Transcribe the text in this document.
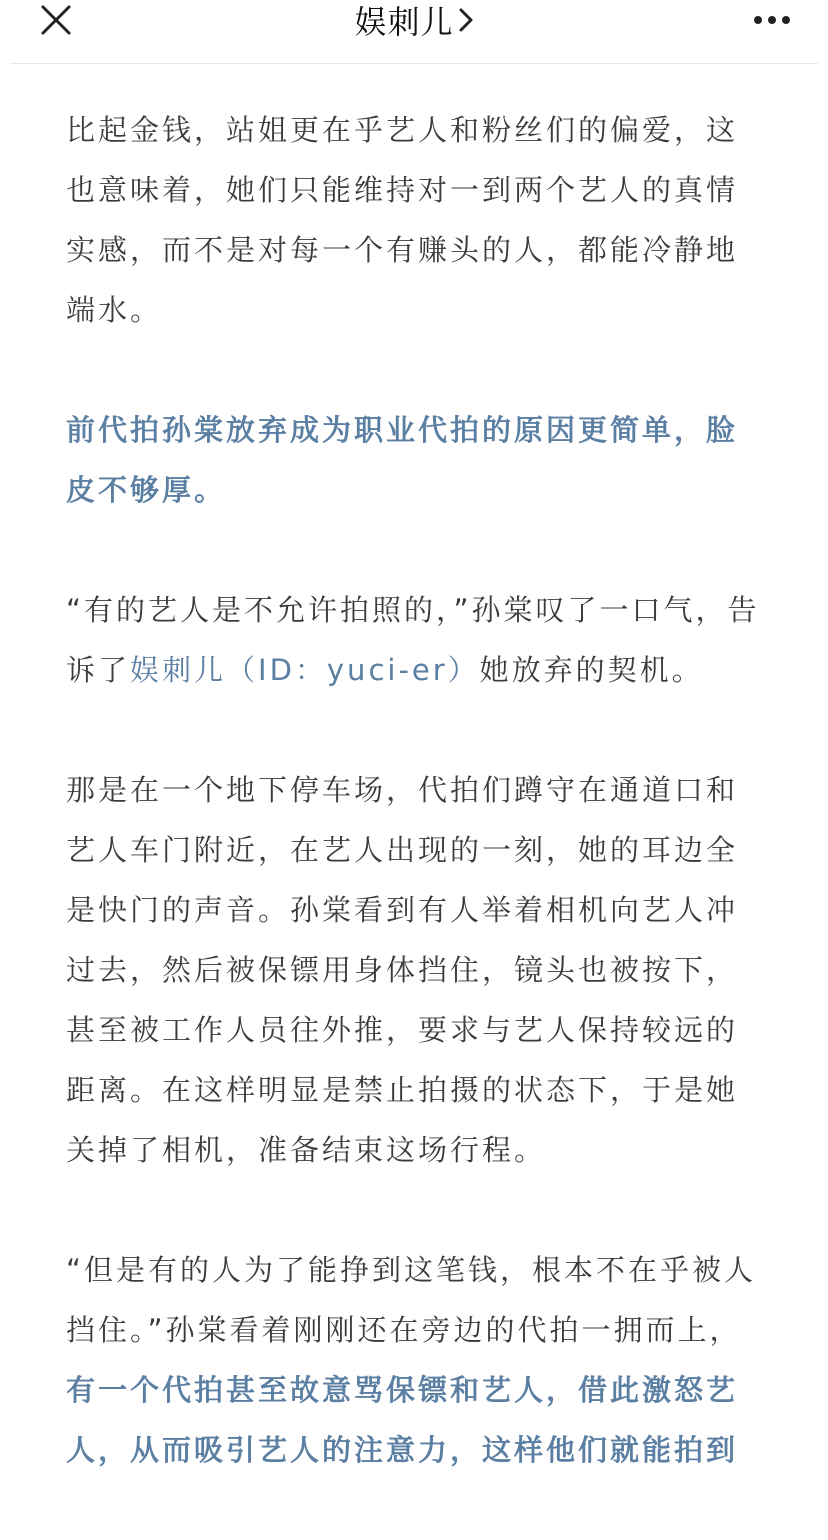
娱刺儿

比起金钱，站姐更在乎艺人和粉丝们的偏爱，这也意味着，她们只能维持对一到两个艺人的真情实感，而不是对每一个有赚头的人，都能冷静地端水。

前代拍孙棠放弃成为职业代拍的原因更简单，脸皮不够厚。

“有的艺人是不允许拍照的，”孙棠叹了一口气，告诉了娱刺儿（ID：yuci-er）她放弃的契机。

那是在一个地下停车场，代拍们蹲守在通道口和艺人车门附近，在艺人出现的一刻，她的耳边全是快门的声音。孙棠看到有人举着相机向艺人冲过去，然后被保镖用身体挡住，镜头也被按下，甚至被工作人员往外推，要求与艺人保持较远的距离。在这样明显是禁止拍摄的状态下，于是她关掉了相机，准备结束这场行程。

“但是有的人为了能挣到这笔钱，根本不在乎被人挡住。”孙棠看着刚刚还在旁边的代拍一拥而上，有一个代拍甚至故意骂保镖和艺人，借此激怒艺人，从而吸引艺人的注意力，这样他们就能拍到
